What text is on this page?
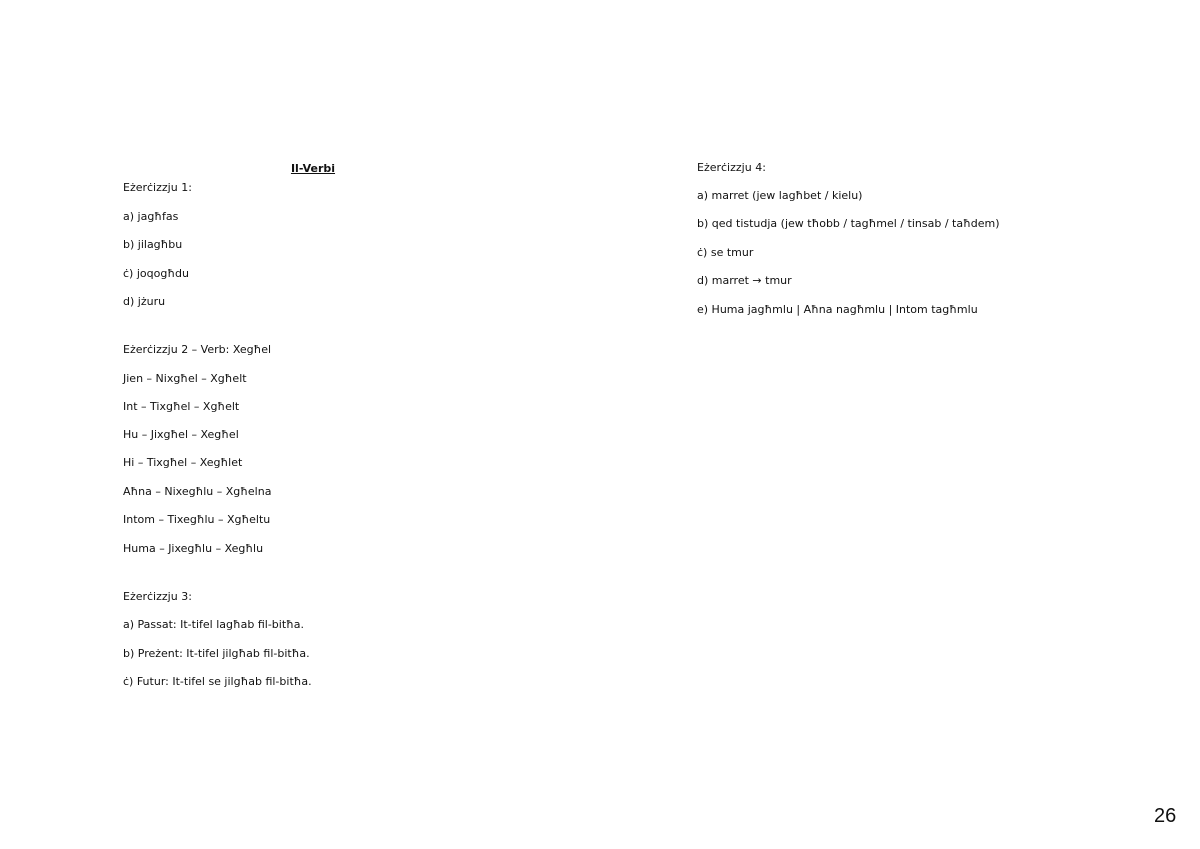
Il-Verbi
Eżerċizzju 1:
a) jagħfas
b) jilagħbu
ċ) joqogħdu
d) jżuru
Eżerċizzju 2 – Verb: Xegħel
Jien – Nixgħel – Xgħelt
Int – Tixgħel – Xgħelt
Hu – Jixgħel – Xegħel
Hi – Tixgħel – Xegħlet
Aħna – Nixegħlu – Xgħelna
Intom – Tixegħlu – Xgħeltu
Huma – Jixegħlu – Xegħlu
Eżerċizzju 3:
a) Passat: It-tifel lagħab fil-bitħa.
b) Preżent: It-tifel jilgħab fil-bitħa.
ċ) Futur: It-tifel se jilgħab fil-bitħa.
Eżerċizzju 4:
a) marret (jew lagħbet / kielu)
b) qed tistudja (jew tħobb / tagħmel / tinsab / taħdem)
ċ) se tmur
d) marret → tmur
e) Huma jagħmlu | Aħna nagħmlu | Intom tagħmlu
26
